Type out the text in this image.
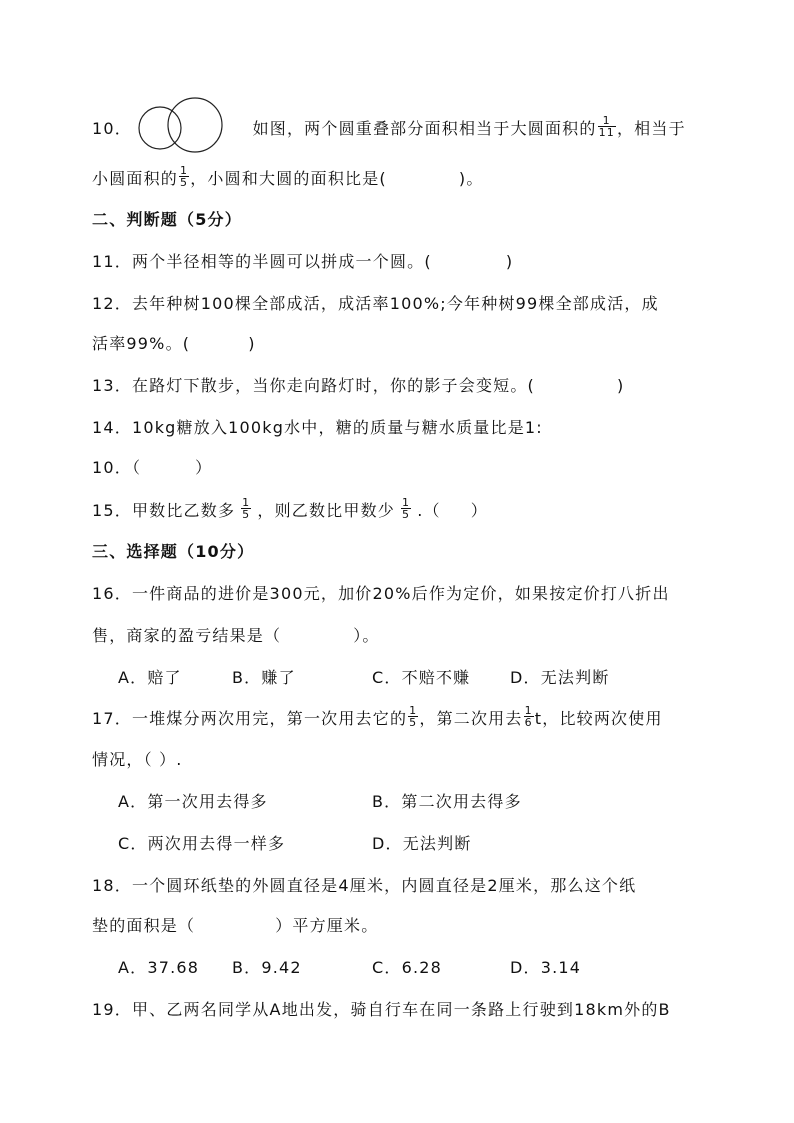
10．	如图，两个圆重叠部分面积相当于大圆面积的 $\frac{1}{11}$ ，相当于
小圆面积的 $\frac{1}{5}$ ，小圆和大圆的面积比是(	)。
二、判断题（5分）
11．两个半径相等的半圆可以拼成一个圆。(	)
12．去年种树100棵全部成活，成活率100%;今年种树99棵全部成活，成
活率99%。(	)
13．在路灯下散步，当你走向路灯时，你的影子会变短。(	)
14．10kg糖放入100kg水中，糖的质量与糖水质量比是1:
10．（	）
15．甲数比乙数多 $\frac{1}{5}$ ，则乙数比甲数少 $\frac{1}{5}$ .（ ）
三、选择题（10分）
16．一件商品的进价是300元，加价20%后作为定价，如果按定价打八折出
售，商家的盈亏结果是（	）。
A．赔了	B．赚了	C．不赔不赚 D．无法判断
17．一堆煤分两次用完，第一次用去它的 $\frac{1}{5}$ ，第二次用去 $\frac{1}{6}$ t，比较两次使用
情况，（ ）.
A．第一次用去得多	B．第二次用去得多
C．两次用去得一样多	D．无法判断
18．一个圆环纸垫的外圆直径是4厘米，内圆直径是2厘米，那么这个纸
垫的面积是（	）平方厘米。
A．37.68 B．9.42	C．6.28	D．3.14
19．甲、乙两名同学从A地出发，骑自行车在同一条路上行驶到18km外的B
